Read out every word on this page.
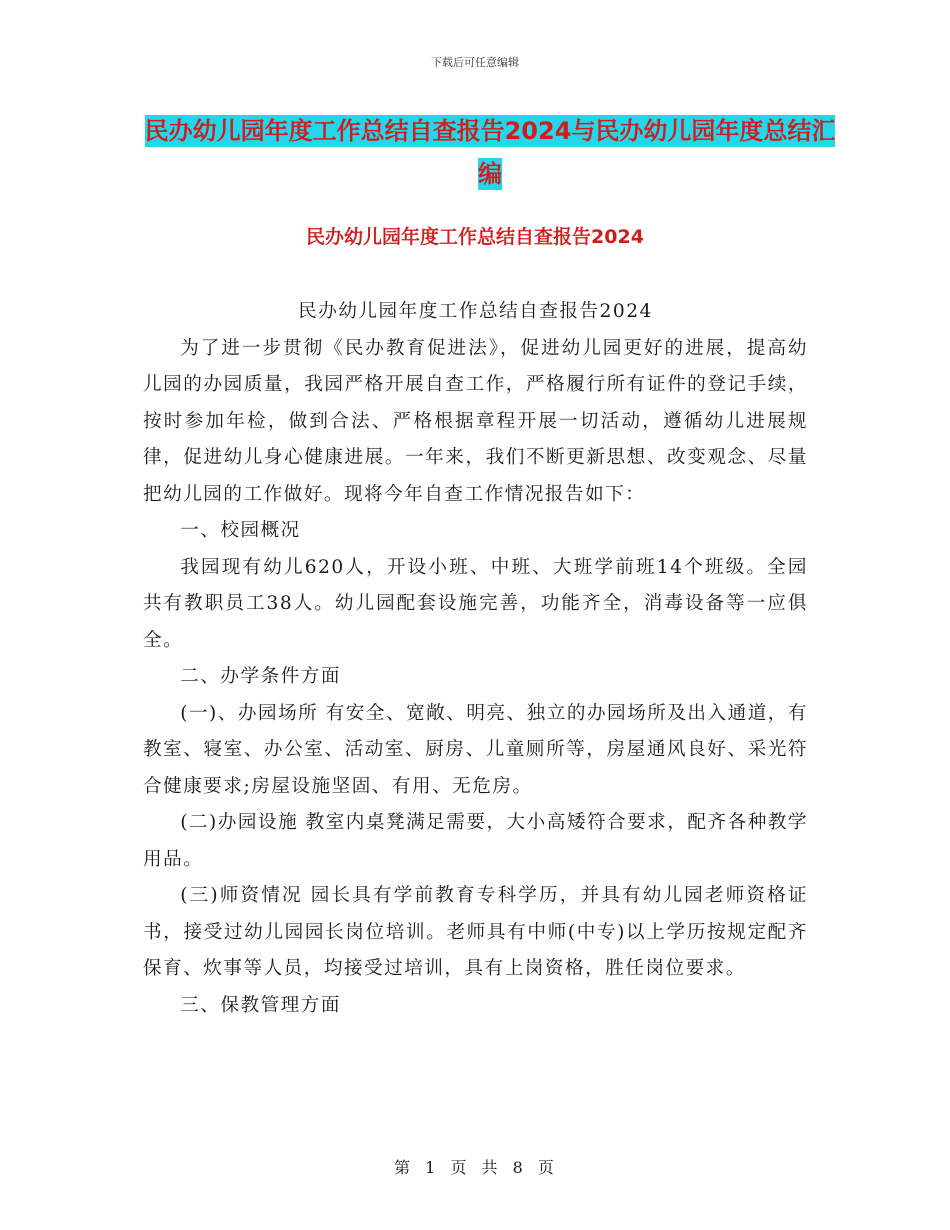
下载后可任意编辑
民办幼儿园年度工作总结自查报告2024与民办幼儿园年度总结汇编
民办幼儿园年度工作总结自查报告2024

民办幼儿园年度工作总结自查报告2024

为了进一步贯彻《民办教育促进法》，促进幼儿园更好的进展，提高幼儿园的办园质量，我园严格开展自查工作，严格履行所有证件的登记手续，按时参加年检，做到合法、严格根据章程开展一切活动，遵循幼儿进展规律，促进幼儿身心健康进展。一年来，我们不断更新思想、改变观念、尽量把幼儿园的工作做好。现将今年自查工作情况报告如下：

一、校园概况

我园现有幼儿620人，开设小班、中班、大班学前班14个班级。全园共有教职员工38人。幼儿园配套设施完善，功能齐全，消毒设备等一应俱全。

二、办学条件方面

(一)、办园场所 有安全、宽敞、明亮、独立的办园场所及出入通道，有教室、寝室、办公室、活动室、厨房、儿童厕所等，房屋通风良好、采光符合健康要求;房屋设施坚固、有用、无危房。

(二)办园设施 教室内桌凳满足需要，大小高矮符合要求，配齐各种教学用品。

(三)师资情况 园长具有学前教育专科学历，并具有幼儿园老师资格证书，接受过幼儿园园长岗位培训。老师具有中师(中专)以上学历按规定配齐保育、炊事等人员，均接受过培训，具有上岗资格，胜任岗位要求。

三、保教管理方面

第 1 页 共 8 页
